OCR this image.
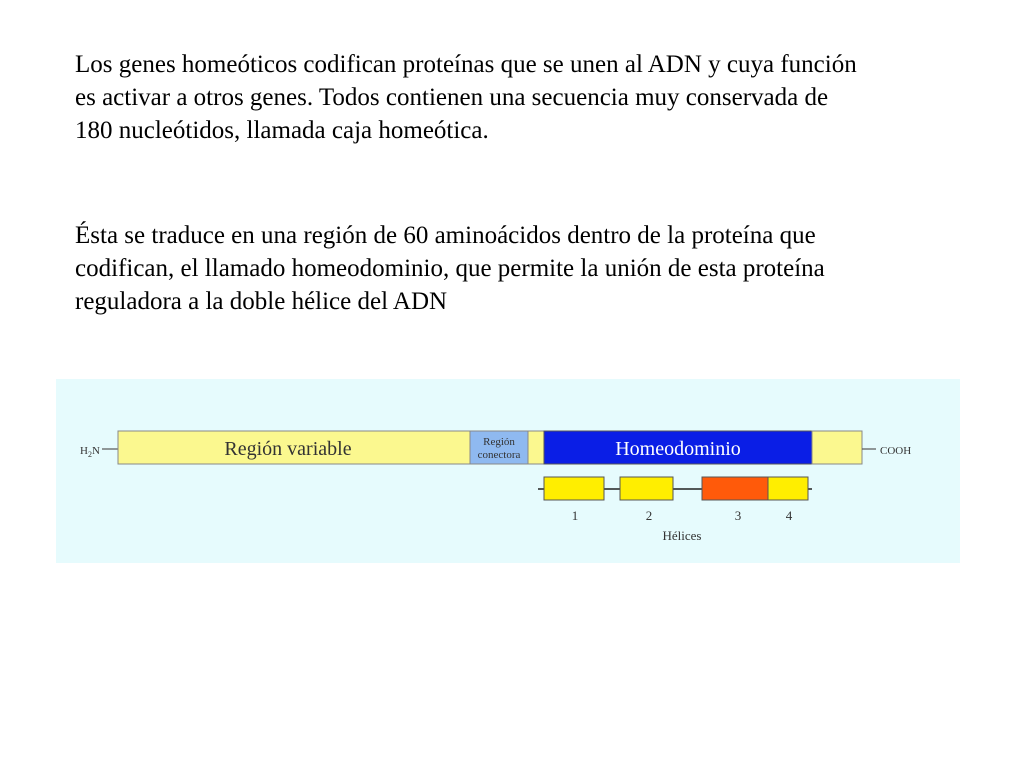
Los genes homeóticos codifican proteínas que se unen al ADN y cuya función
es activar a otros genes. Todos contienen una secuencia muy conservada de
180 nucleótidos, llamada caja homeótica.

Ésta se traduce en una región de 60 aminoácidos dentro de la proteína que
codifican, el llamado homeodominio, que permite la unión de esta proteína
reguladora a la doble hélice del ADN

$H_2N$	Región variable	Región
conectora	Homeodominio	COOH
1	2	3	4
Hélices
